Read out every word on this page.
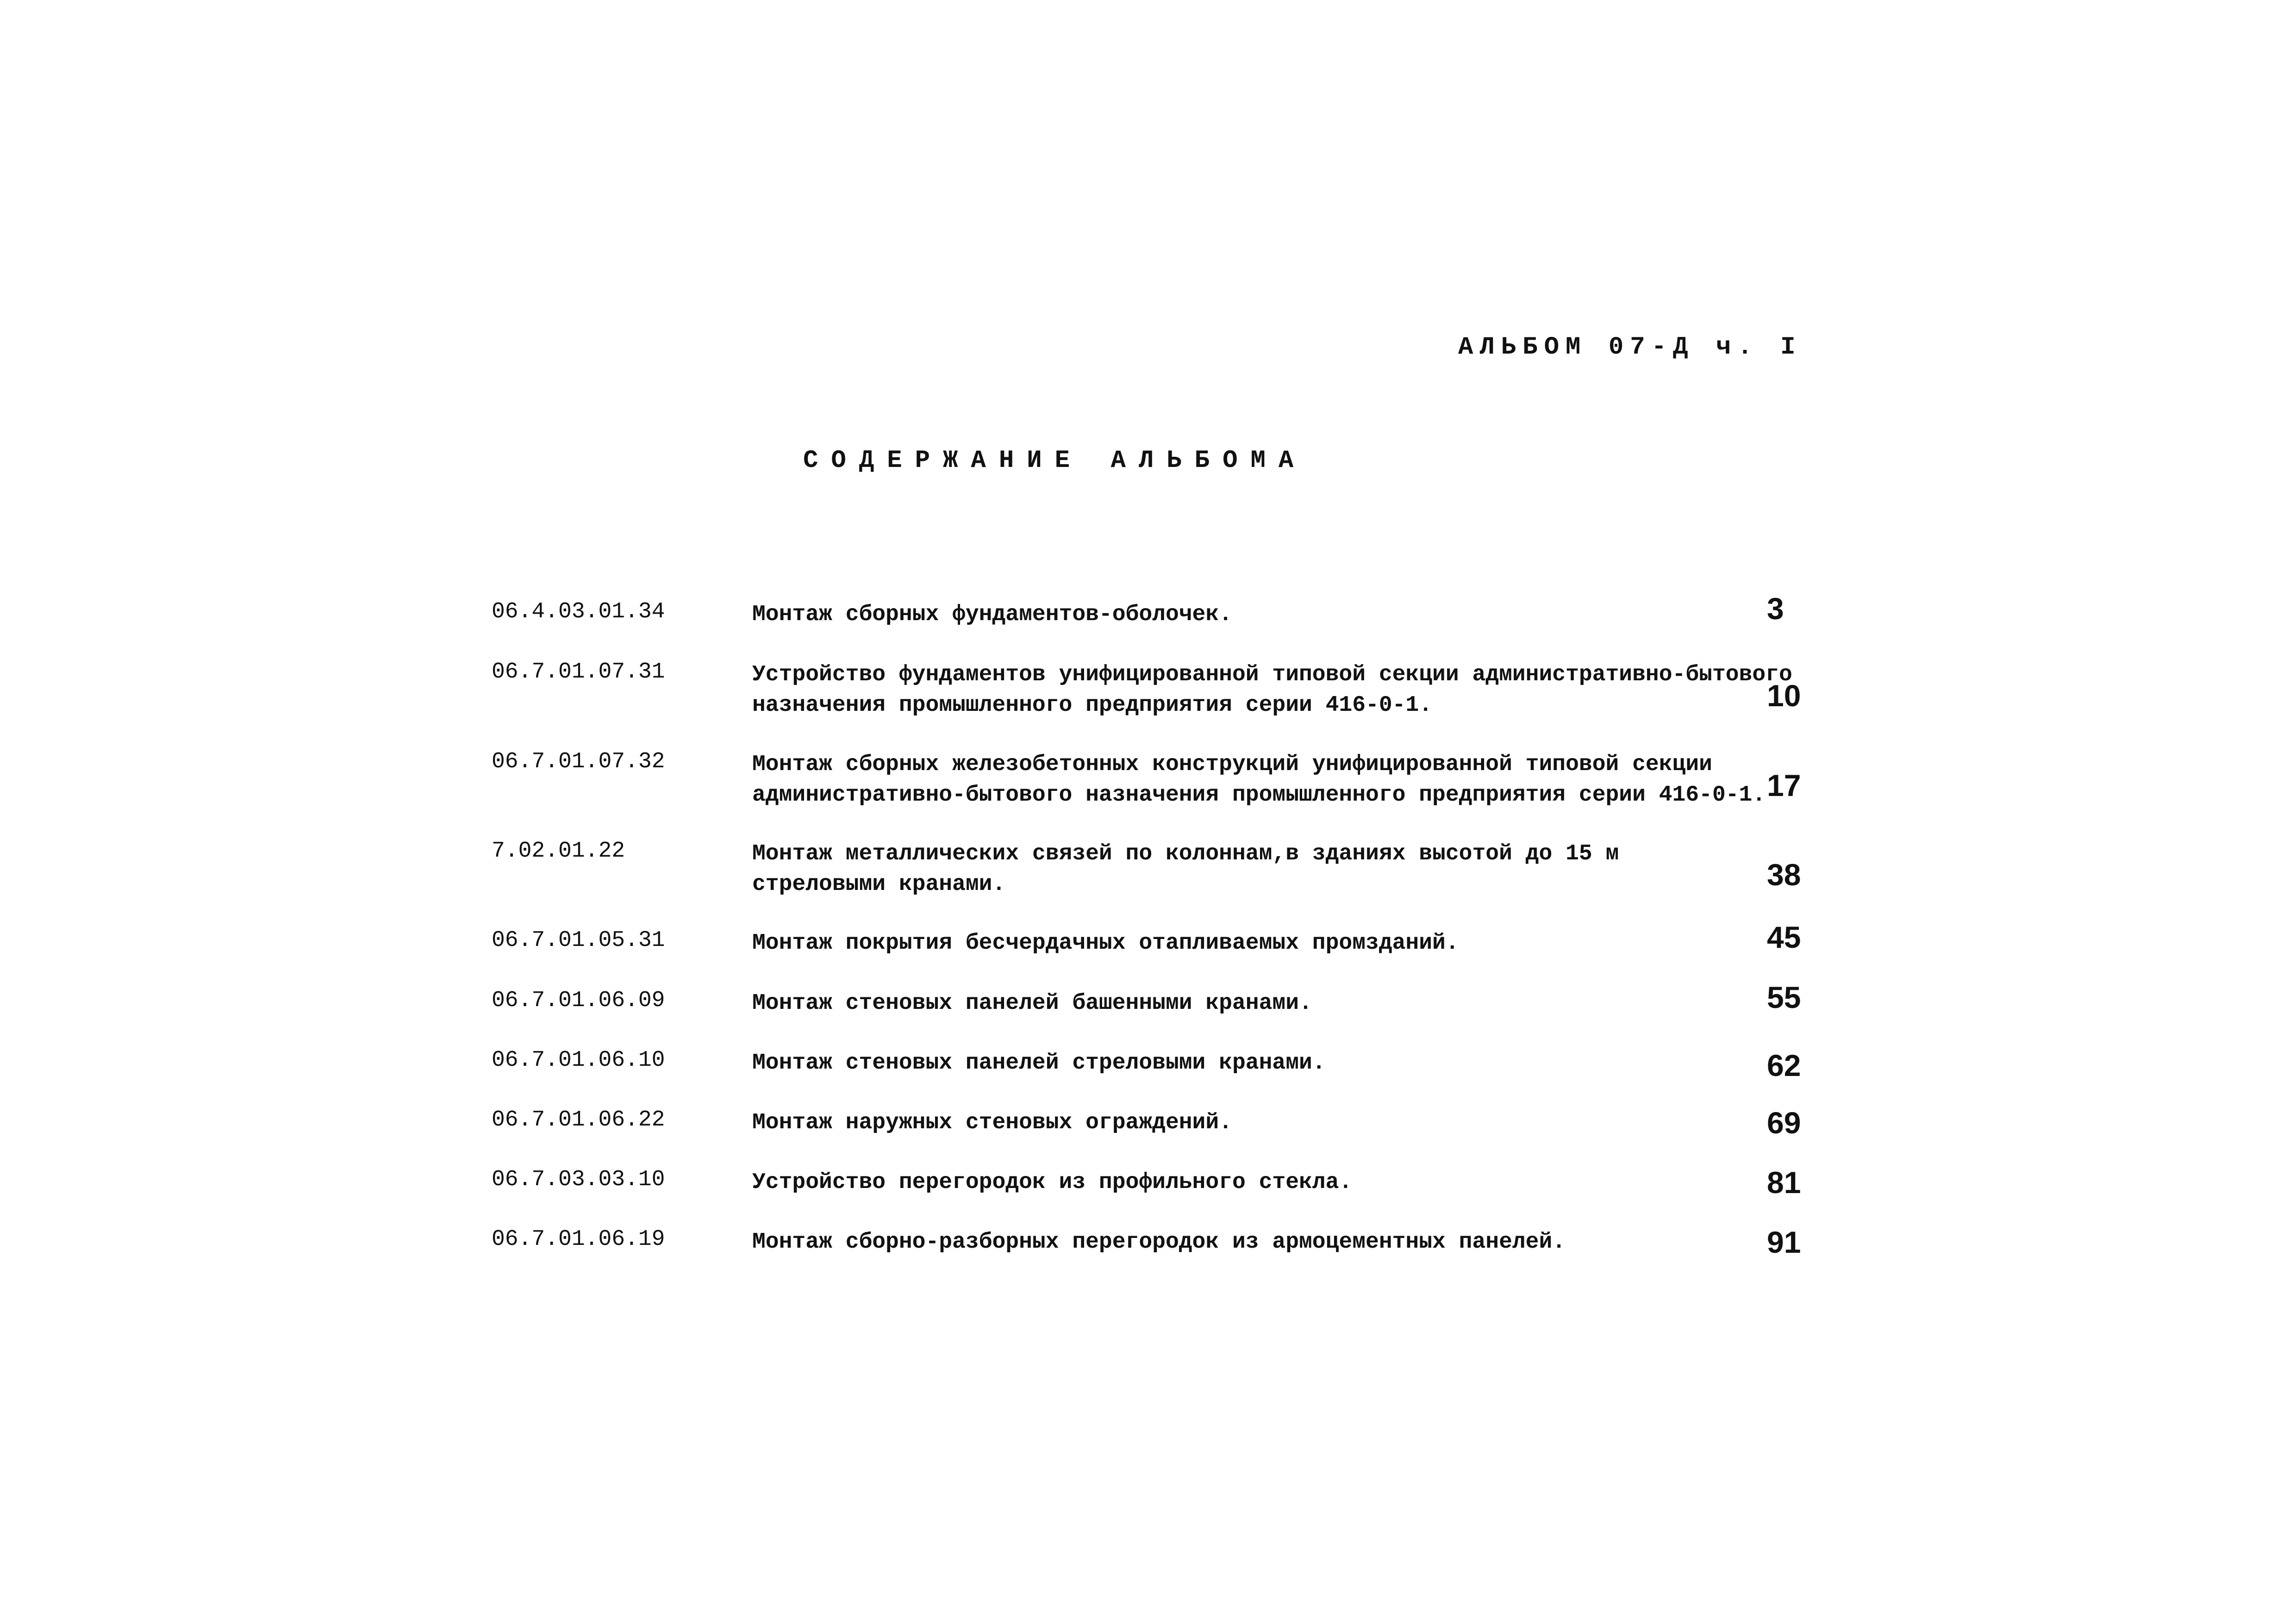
АЛЬБОМ 07-Д ч. I
СОДЕРЖАНИЕ АЛЬБОМА
06.4.03.01.34	Монтаж сборных фундаментов-оболочек.	3
06.7.01.07.31	Устройство фундаментов унифицированной типовой секции административно-бытового
назначения промышленного предприятия серии 416-0-1.	10
06.7.01.07.32	Монтаж сборных железобетонных конструкций унифицированной типовой секции
административно-бытового назначения промышленного предприятия серии 416-0-1. 17
7.02.01.22	Монтаж металлических связей по колоннам,в зданиях высотой до 15 м
стреловыми кранами.	38
06.7.01.05.31	Монтаж покрытия бесчердачных отапливаемых промзданий.	45
06.7.01.06.09	Монтаж стеновых панелей башенными кранами.	55
06.7.01.06.10	Монтаж стеновых панелей стреловыми кранами.	62
06.7.01.06.22	Монтаж наружных стеновых ограждений.	69
06.7.03.03.10	Устройство перегородок из профильного стекла.	81
06.7.01.06.19	Монтаж сборно-разборных перегородок из армоцементных панелей.	91
